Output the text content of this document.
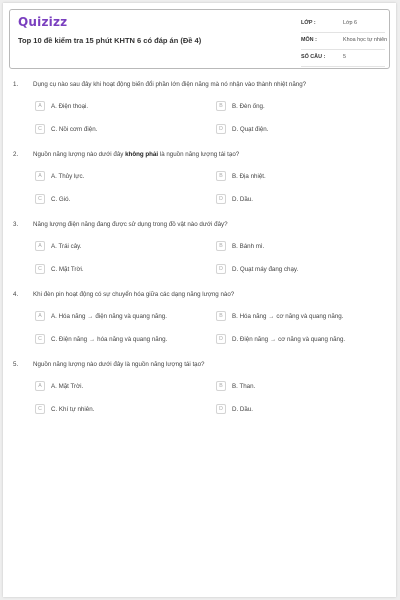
Quizizz
Top 10 đề kiểm tra 15 phút KHTN 6 có đáp án (Đề 4)
LỚP :	Lớp 6
MÔN :	Khoa học tự nhiên
SỐ CÂU :	5
1. Dụng cụ nào sau đây khi hoạt động biến đổi phần lớn điện năng mà nó nhận vào thành nhiệt năng?
A	A. Điện thoại.	B	B. Đèn ống.
C	C. Nồi cơm điện.	D	D. Quạt điện.
2. Nguồn năng lượng nào dưới đây không phải là nguồn năng lượng tái tạo?
A	A. Thủy lực.	B	B. Địa nhiệt.
C	C. Gió.	D	D. Dầu.
3. Năng lượng điện năng đang được sử dụng trong đồ vật nào dưới đây?
A	A. Trái cây.	B	B. Bánh mì.
C	C. Mặt Trời.	D	D. Quạt máy đang chạy.
4. Khi đèn pin hoạt động có sự chuyển hóa giữa các dạng năng lượng nào?
A	A. Hóa năng → điện năng và quang năng.	B	B. Hóa năng → cơ năng và quang năng.
C	C. Điện năng → hóa năng và quang năng.	D	D. Điện năng → cơ năng và quang năng.
5. Nguồn năng lượng nào dưới đây là nguồn năng lượng tái tạo?
A	A. Mặt Trời.	B	B. Than.
C	C. Khí tự nhiên.	D	D. Dầu.
